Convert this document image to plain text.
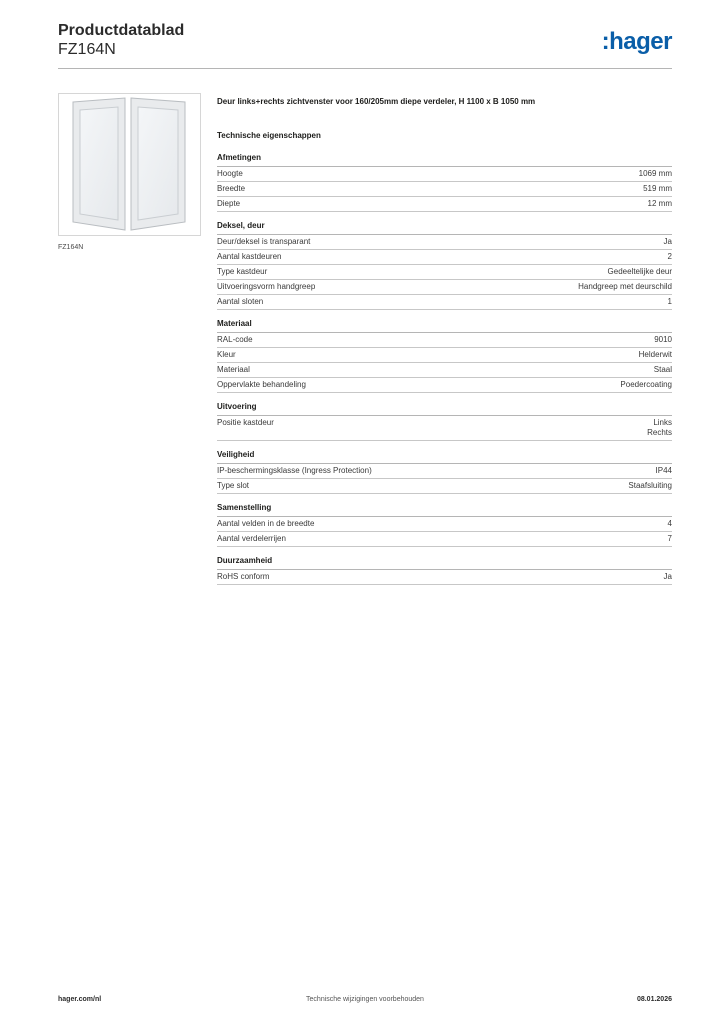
Productdatablad
FZ164N	:hager
FZ164N
Deur links+rechts zichtvenster voor 160/205mm diepe verdeler, H 1100 x B 1050 mm
Technische eigenschappen
Afmetingen
Hoogte	1069 mm
Breedte	519 mm
Diepte	12 mm
Deksel, deur
Deur/deksel is transparant	Ja
Aantal kastdeuren	2
Type kastdeur	Gedeeltelijke deur
Uitvoeringsvorm handgreep	Handgreep met deurschild
Aantal sloten	1
Materiaal
RAL-code	9010
Kleur	Helderwit
Materiaal	Staal
Oppervlakte behandeling	Poedercoating
Uitvoering
Positie kastdeur	Links
Rechts
Veiligheid
IP-beschermingsklasse (Ingress Protection)	IP44
Type slot	Staafsluiting
Samenstelling
Aantal velden in de breedte	4
Aantal verdelerrijen	7
Duurzaamheid
RoHS conform	Ja
hager.com/nl	Technische wijzigingen voorbehouden	08.01.2026
